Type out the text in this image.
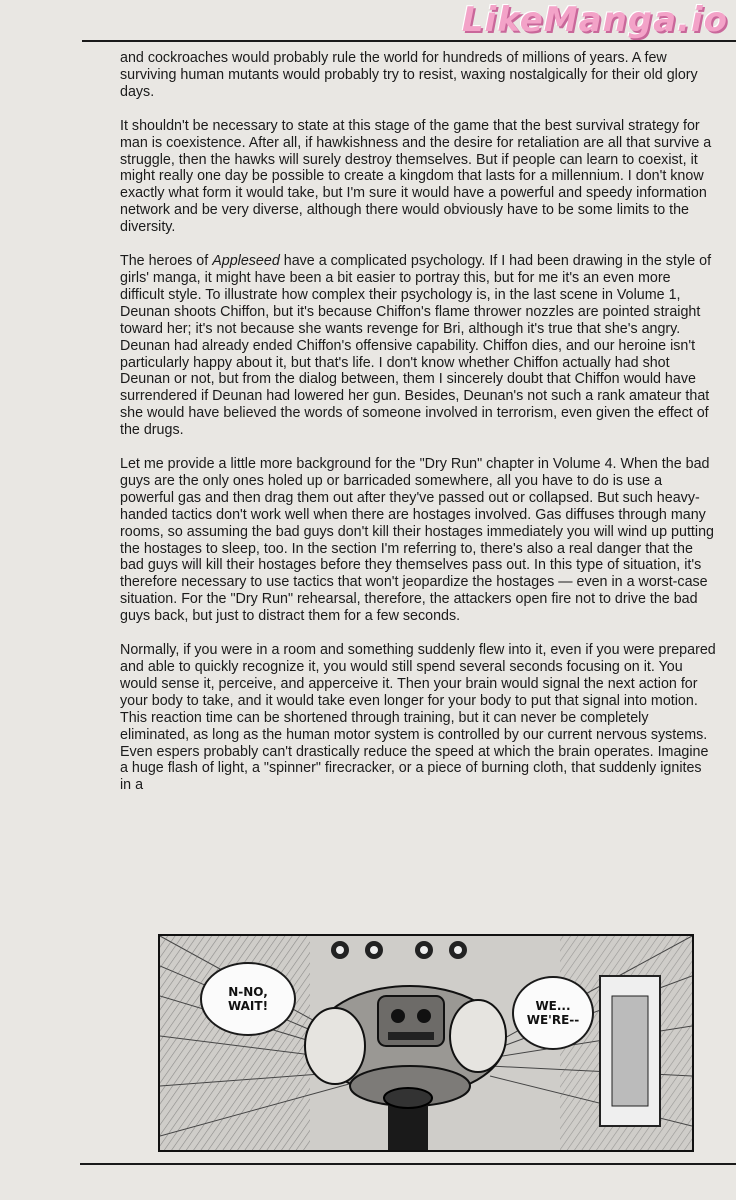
LikeManga.io

and cockroaches would probably rule the world for hundreds of millions of years. A few surviving human mutants would probably try to resist, waxing nostalgically for their old glory days.

It shouldn't be necessary to state at this stage of the game that the best survival strategy for man is coexistence. After all, if hawkishness and the desire for retaliation are all that survive a struggle, then the hawks will surely destroy themselves. But if people can learn to coexist, it might really one day be possible to create a kingdom that lasts for a millennium. I don't know exactly what form it would take, but I'm sure it would have a powerful and speedy information network and be very diverse, although there would obviously have to be some limits to the diversity.

The heroes of Appleseed have a complicated psychology. If I had been drawing in the style of girls' manga, it might have been a bit easier to portray this, but for me it's an even more difficult style. To illustrate how complex their psychology is, in the last scene in Volume 1, Deunan shoots Chiffon, but it's because Chiffon's flame thrower nozzles are pointed straight toward her; it's not because she wants revenge for Bri, although it's true that she's angry. Deunan had already ended Chiffon's offensive capability. Chiffon dies, and our heroine isn't particularly happy about it, but that's life. I don't know whether Chiffon actually had shot Deunan or not, but from the dialog between, them I sincerely doubt that Chiffon would have surrendered if Deunan had lowered her gun. Besides, Deunan's not such a rank amateur that she would have believed the words of someone involved in terrorism, even given the effect of the drugs.

Let me provide a little more background for the "Dry Run" chapter in Volume 4. When the bad guys are the only ones holed up or barricaded somewhere, all you have to do is use a powerful gas and then drag them out after they've passed out or collapsed. But such heavy-handed tactics don't work well when there are hostages involved. Gas diffuses through many rooms, so assuming the bad guys don't kill their hostages immediately you will wind up putting the hostages to sleep, too. In the section I'm referring to, there's also a real danger that the bad guys will kill their hostages before they themselves pass out. In this type of situation, it's therefore necessary to use tactics that won't jeopardize the hostages — even in a worst-case situation. For the "Dry Run" rehearsal, therefore, the attackers open fire not to drive the bad guys back, but just to distract them for a few seconds.

Normally, if you were in a room and something suddenly flew into it, even if you were prepared and able to quickly recognize it, you would still spend several seconds focusing on it. You would sense it, perceive, and apperceive it. Then your brain would signal the next action for your body to take, and it would take even longer for your body to put that signal into motion. This reaction time can be shortened through training, but it can never be completely eliminated, as long as the human motor system is controlled by our current nervous systems. Even espers probably can't drastically reduce the speed at which the brain operates. Imagine a huge flash of light, a "spinner" firecracker, or a piece of burning cloth, that suddenly ignites in a

N-NO,
WAIT!	WE...
WE'RE--
